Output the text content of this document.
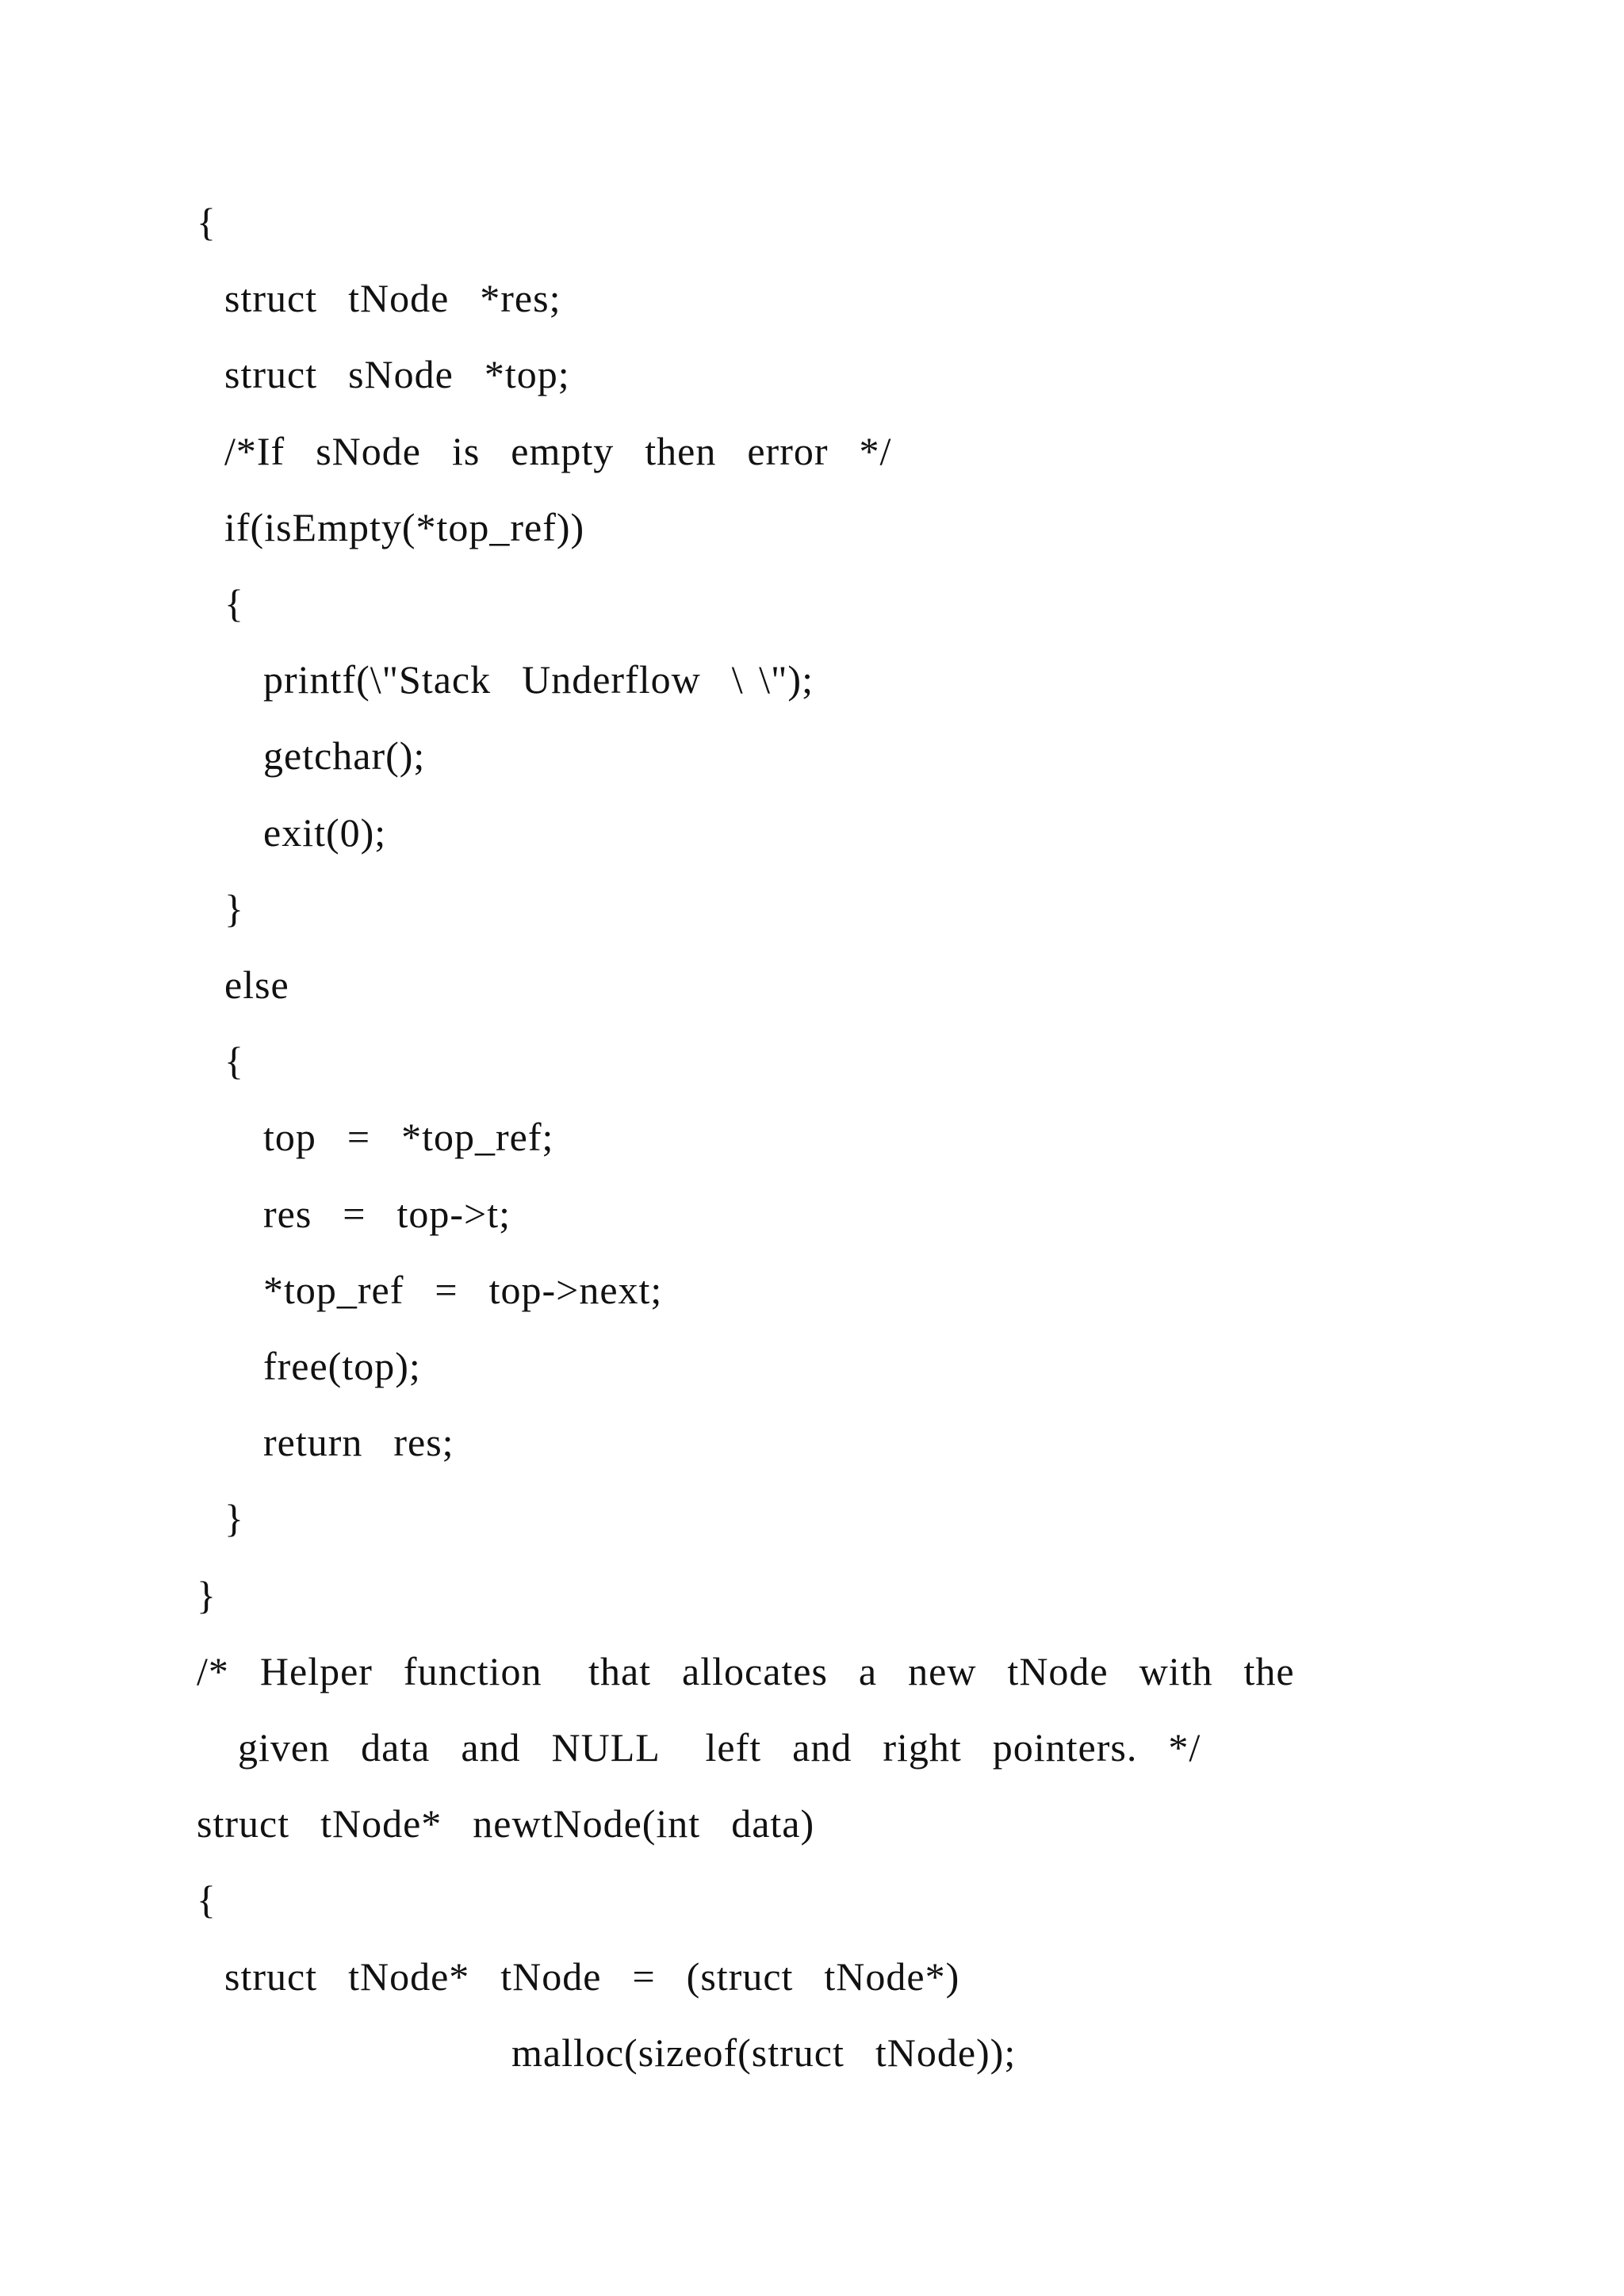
{
struct  tNode  *res;
struct  sNode  *top;
/*If  sNode  is  empty  then  error  */
if(isEmpty(*top_ref))
{
printf(\"Stack  Underflow  \ \");
getchar();
exit(0);
}
else
{
top  =  *top_ref;
res  =  top->t;
*top_ref  =  top->next;
free(top);
return  res;
}
}
/*  Helper  function   that  allocates  a  new  tNode  with  the
given  data  and  NULL   left  and  right  pointers.  */
struct  tNode*  newtNode(int  data)
{
struct  tNode*  tNode  =  (struct  tNode*)
malloc(sizeof(struct  tNode));
